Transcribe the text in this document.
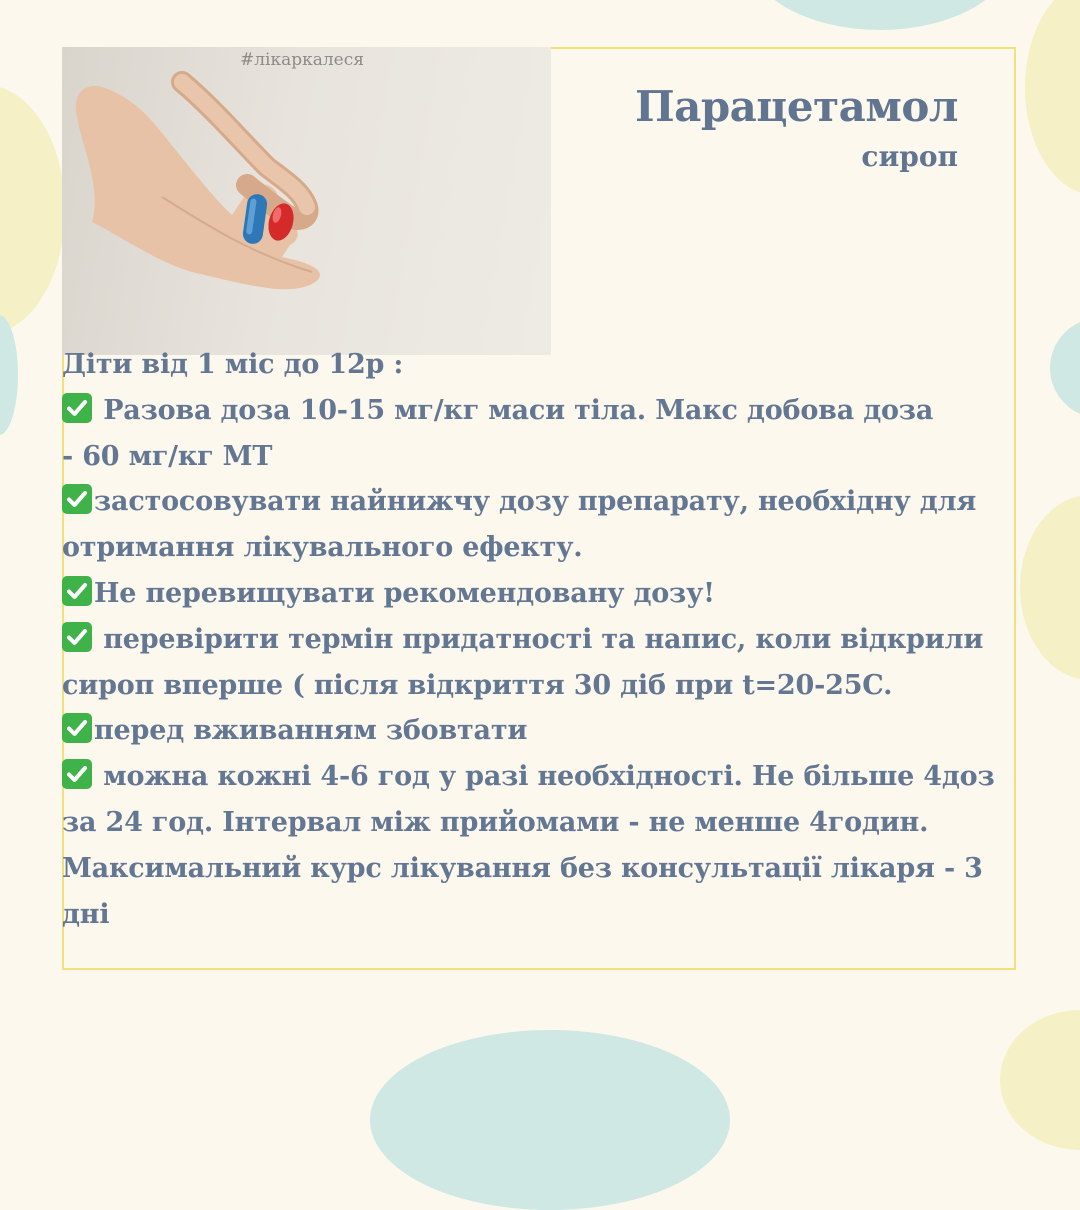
#лікаркалеся
Парацетамол
сироп

Діти від 1 міс до 12р :

Разова доза 10-15 мг/кг маси тіла. Макс добова доза
- 60 мг/кг МТ

застосовувати найнижчу дозу препарату, необхідну для отримання лікувального ефекту.

Не перевищувати рекомендовану дозу!

перевірити термін придатності та напис, коли відкрили сироп вперше ( після відкриття 30 діб при t=20-25C.

перед вживанням збовтати

можна кожні 4-6 год у разі необхідності. Не більше 4доз за 24 год. Інтервал між прийомами - не менше 4годин. Максимальний курс лікування без консультації лікаря - 3 дні
